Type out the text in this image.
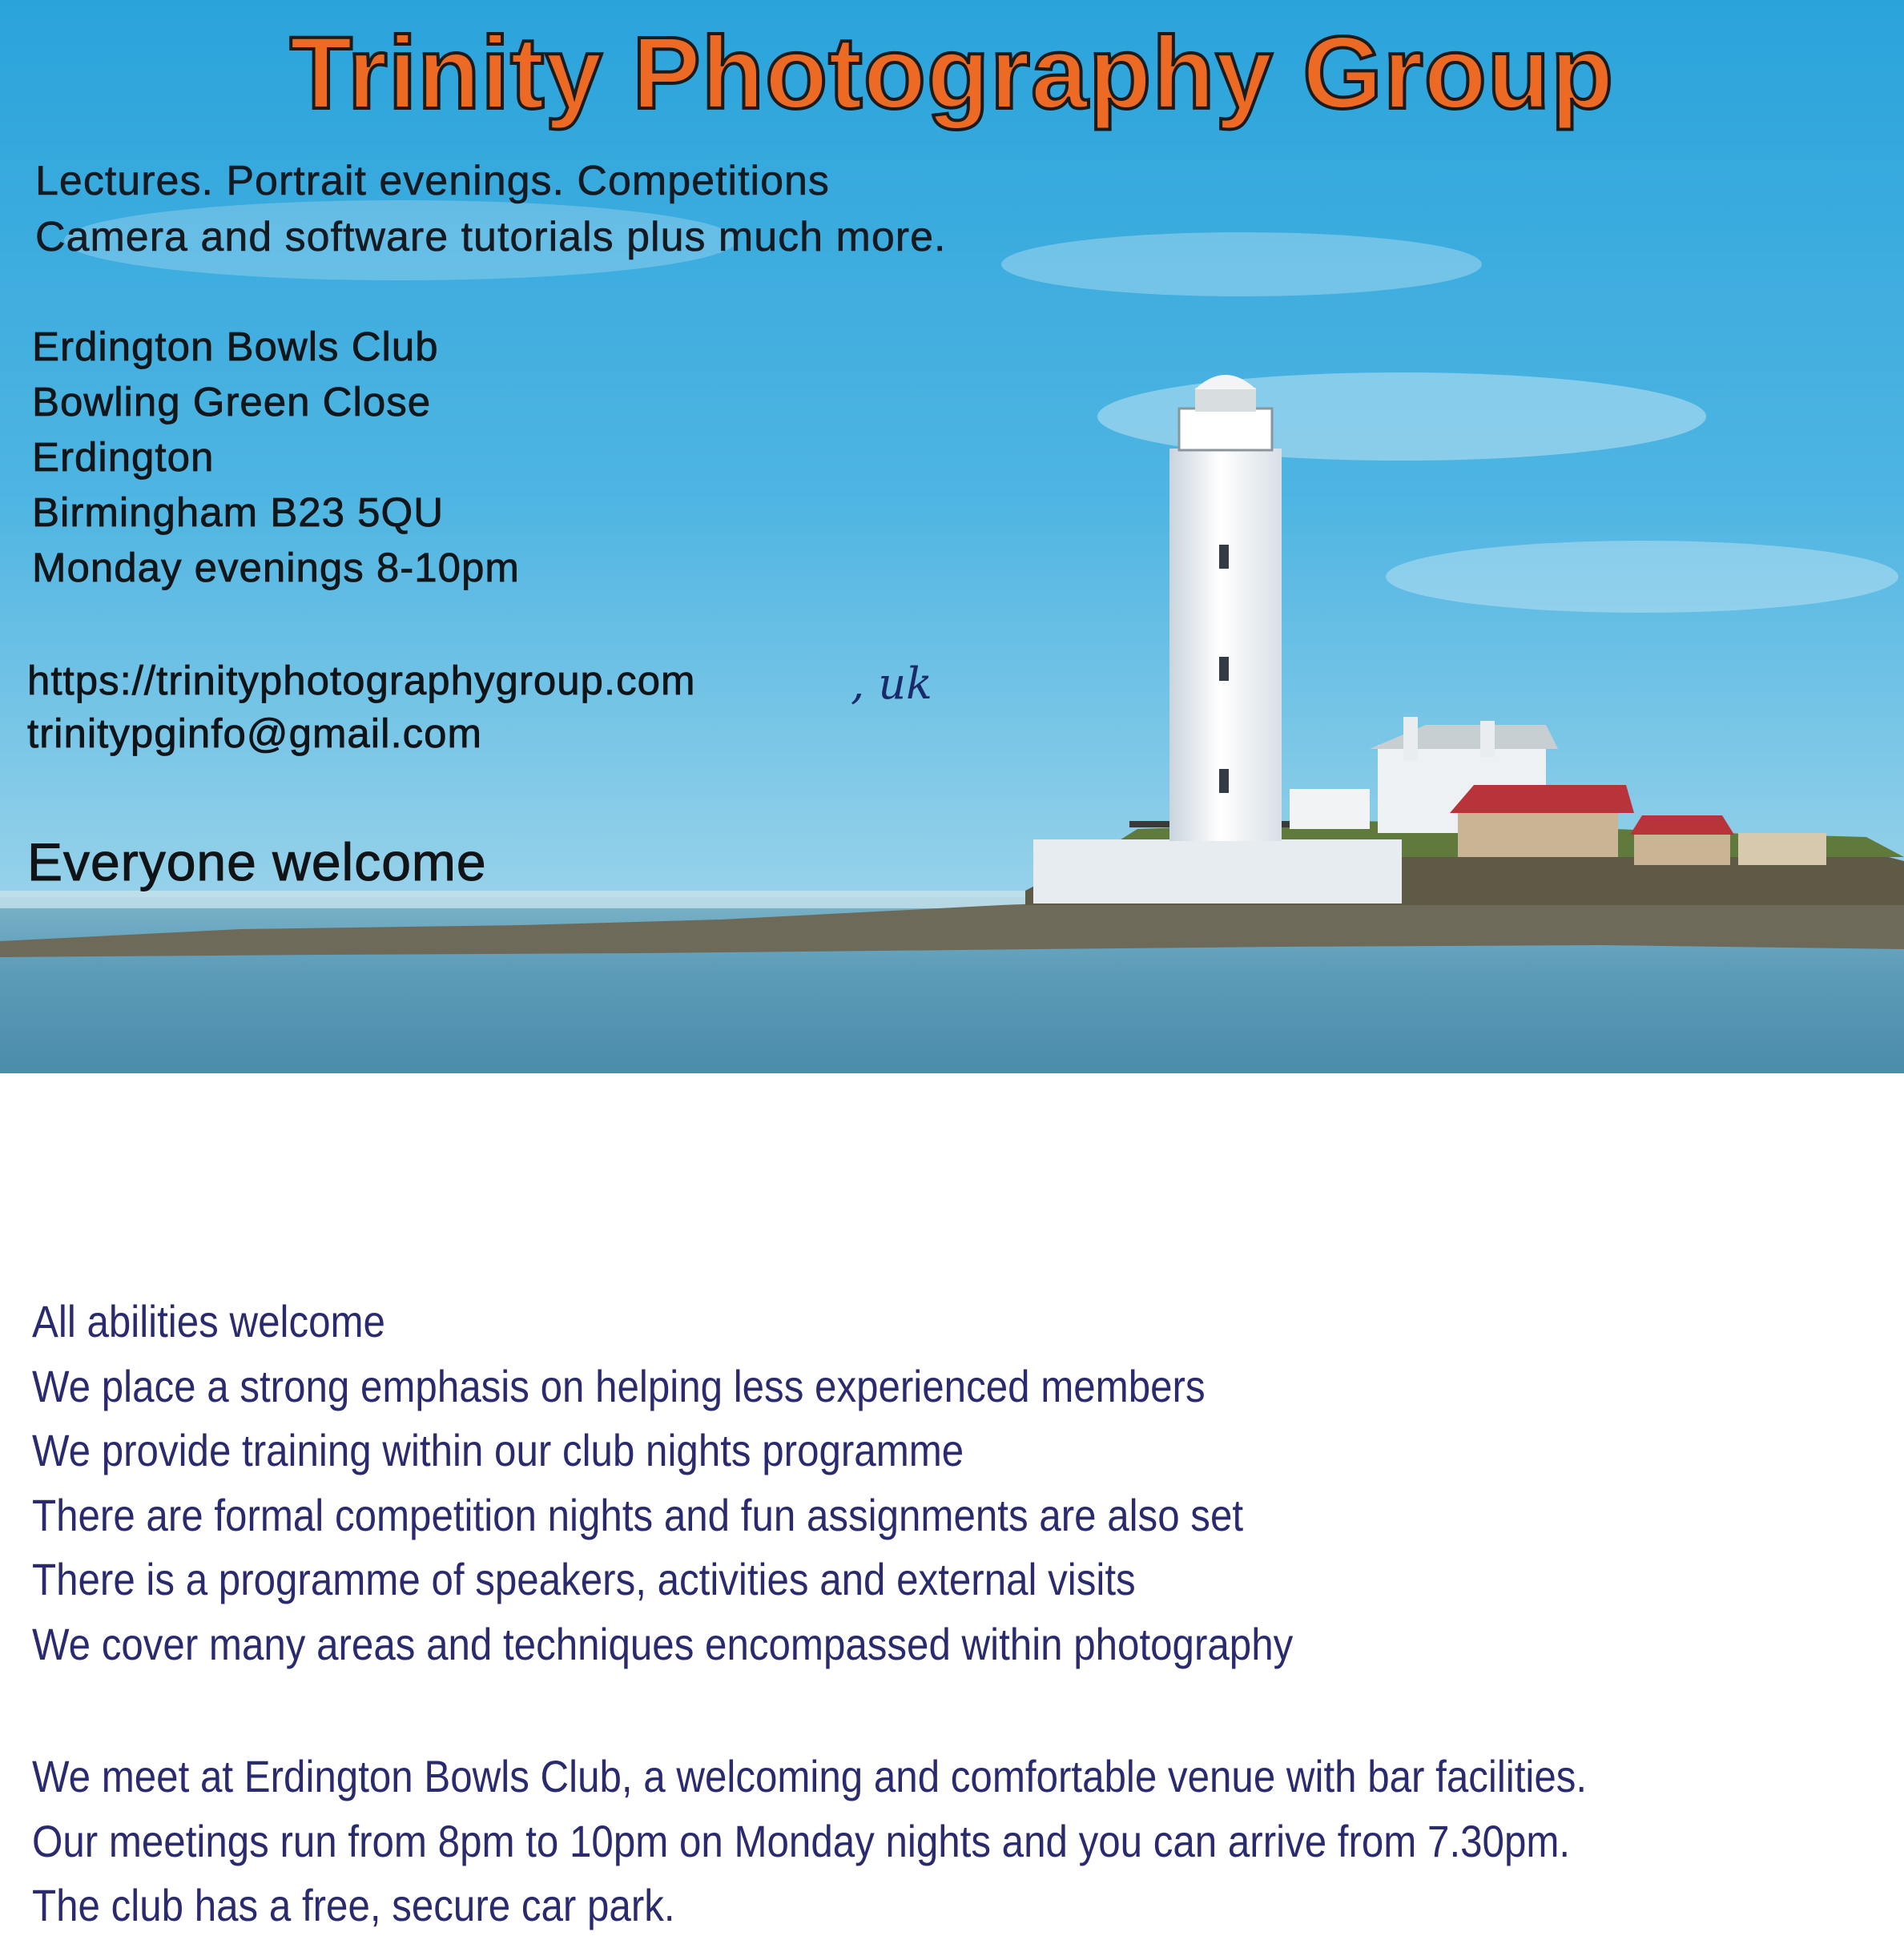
Trinity Photography Group
Lectures. Portrait evenings. Competitions
Camera and software tutorials plus much more.
Erdington Bowls Club
Bowling Green Close
Erdington
Birmingham B23 5QU
Monday evenings 8-10pm
https://trinityphotographygroup.com	, uk
trinitypginfo@gmail.com
Everyone welcome
All abilities welcome
We place a strong emphasis on helping less experienced members
We provide training within our club nights programme
There are formal competition nights and fun assignments are also set
There is a programme of speakers, activities and external visits
We cover many areas and techniques encompassed within photography
We meet at Erdington Bowls Club, a welcoming and comfortable venue with bar facilities.
Our meetings run from 8pm to 10pm on Monday nights and you can arrive from 7.30pm.
The club has a free, secure car park.
